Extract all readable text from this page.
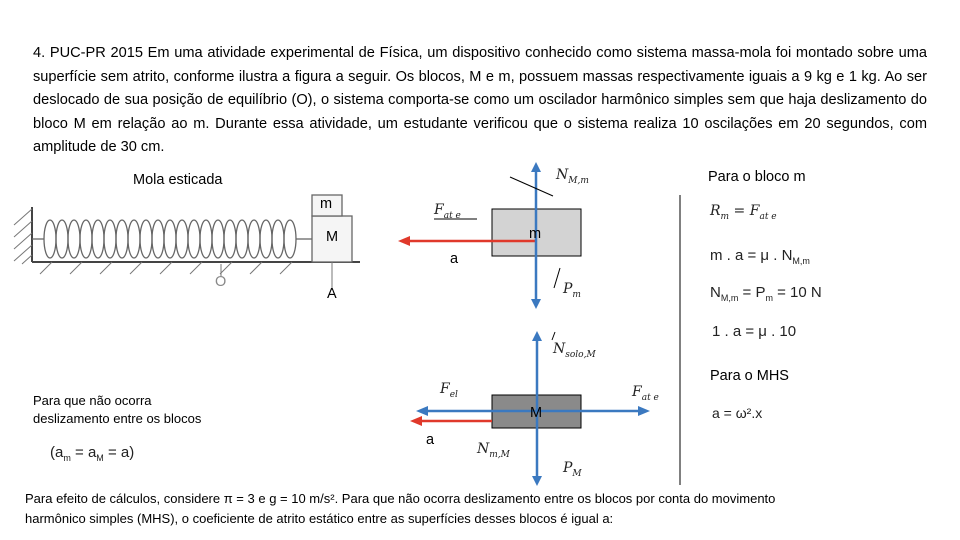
4. PUC-PR 2015 Em uma atividade experimental de Física, um dispositivo conhecido como sistema massa-mola foi montado sobre uma superfície sem atrito, conforme ilustra a figura a seguir. Os blocos, M e m, possuem massas respectivamente iguais a 9 kg e 1 kg. Ao ser deslocado de sua posição de equilíbrio (O), o sistema comporta-se como um oscilador harmônico simples sem que haja deslizamento do bloco M em relação ao m. Durante essa atividade, um estudante verificou que o sistema realiza 10 oscilações em 20 segundos, com amplitude de 30 cm.
Mola esticada
m
M
O
A
$N_{M,m}$
$F_{at e}$
m
a
$P_m$
$N_{solo,M}$
$F_{el}$	$F_{at e}$
M
a
$N_{m,M}$
$P_M$
Para que não ocorra
deslizamento entre os blocos
$(a_m = a_M = a)$
Para o bloco m
$R_m = F_{at e}$
m . a = μ . $N_{M,m}$
$N_{M,m} = P_m = 10$ N
1 . a = μ . 10
Para o MHS
a = ω².x
Para efeito de cálculos, considere π = 3 e g = 10 m/s². Para que não ocorra deslizamento entre os blocos por conta do movimento
harmônico simples (MHS), o coeficiente de atrito estático entre as superfícies desses blocos é igual a:
